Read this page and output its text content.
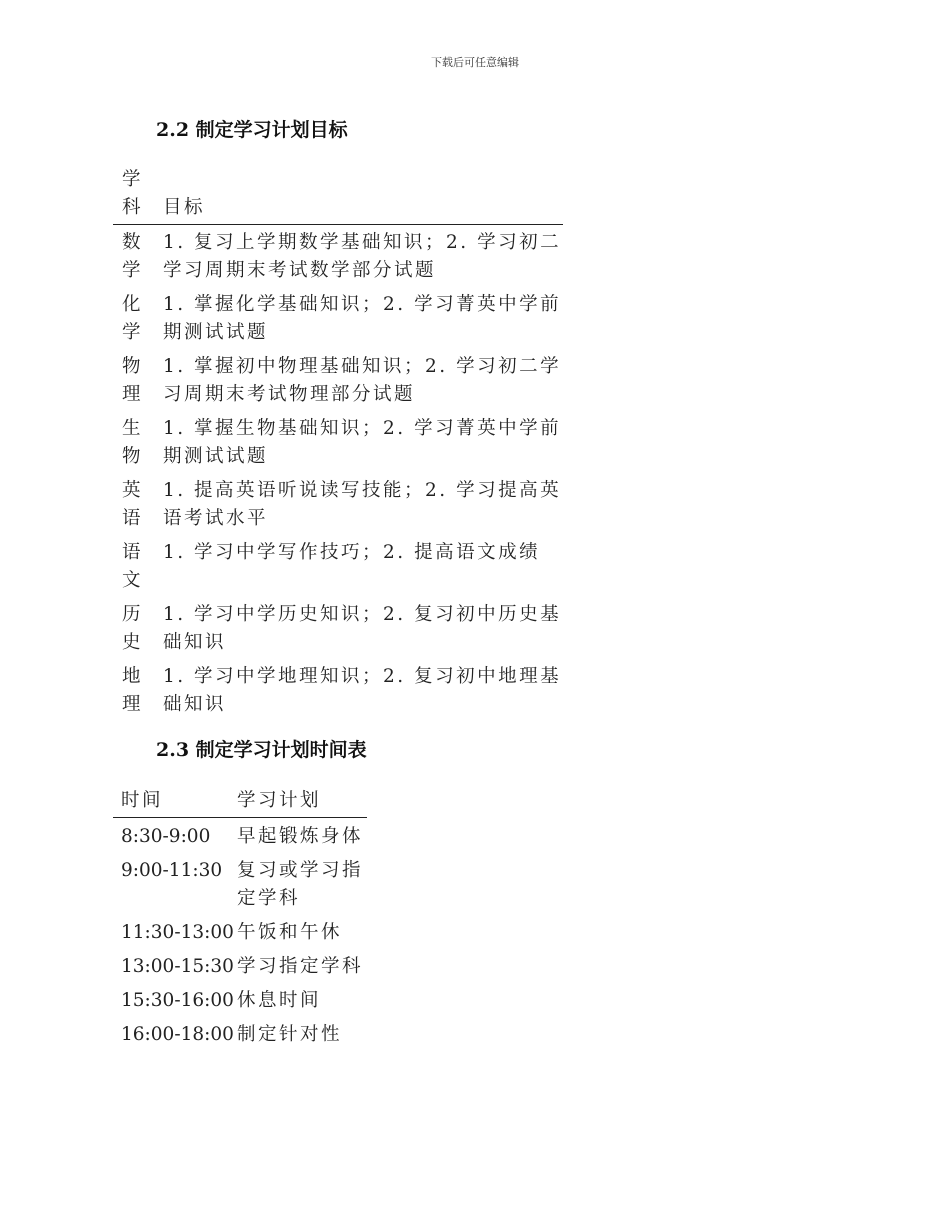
下载后可任意编辑
2.2 制定学习计划目标
学科	目标
数学	1. 复习上学期数学基础知识；2. 学习初二学习周期末考试数学部分试题
化学	1. 掌握化学基础知识；2. 学习菁英中学前期测试试题
物理	1. 掌握初中物理基础知识；2. 学习初二学习周期末考试物理部分试题
生物	1. 掌握生物基础知识；2. 学习菁英中学前期测试试题
英语	1. 提高英语听说读写技能；2. 学习提高英语考试水平
语文	1. 学习中学写作技巧；2. 提高语文成绩
历史	1. 学习中学历史知识；2. 复习初中历史基础知识
地理	1. 学习中学地理知识；2. 复习初中地理基础知识
2.3 制定学习计划时间表
时间	学习计划
8:30-9:00	早起锻炼身体
9:00-11:30	复习或学习指定学科
11:30-13:00	午饭和午休
13:00-15:30	学习指定学科
15:30-16:00	休息时间
16:00-18:00	制定针对性
